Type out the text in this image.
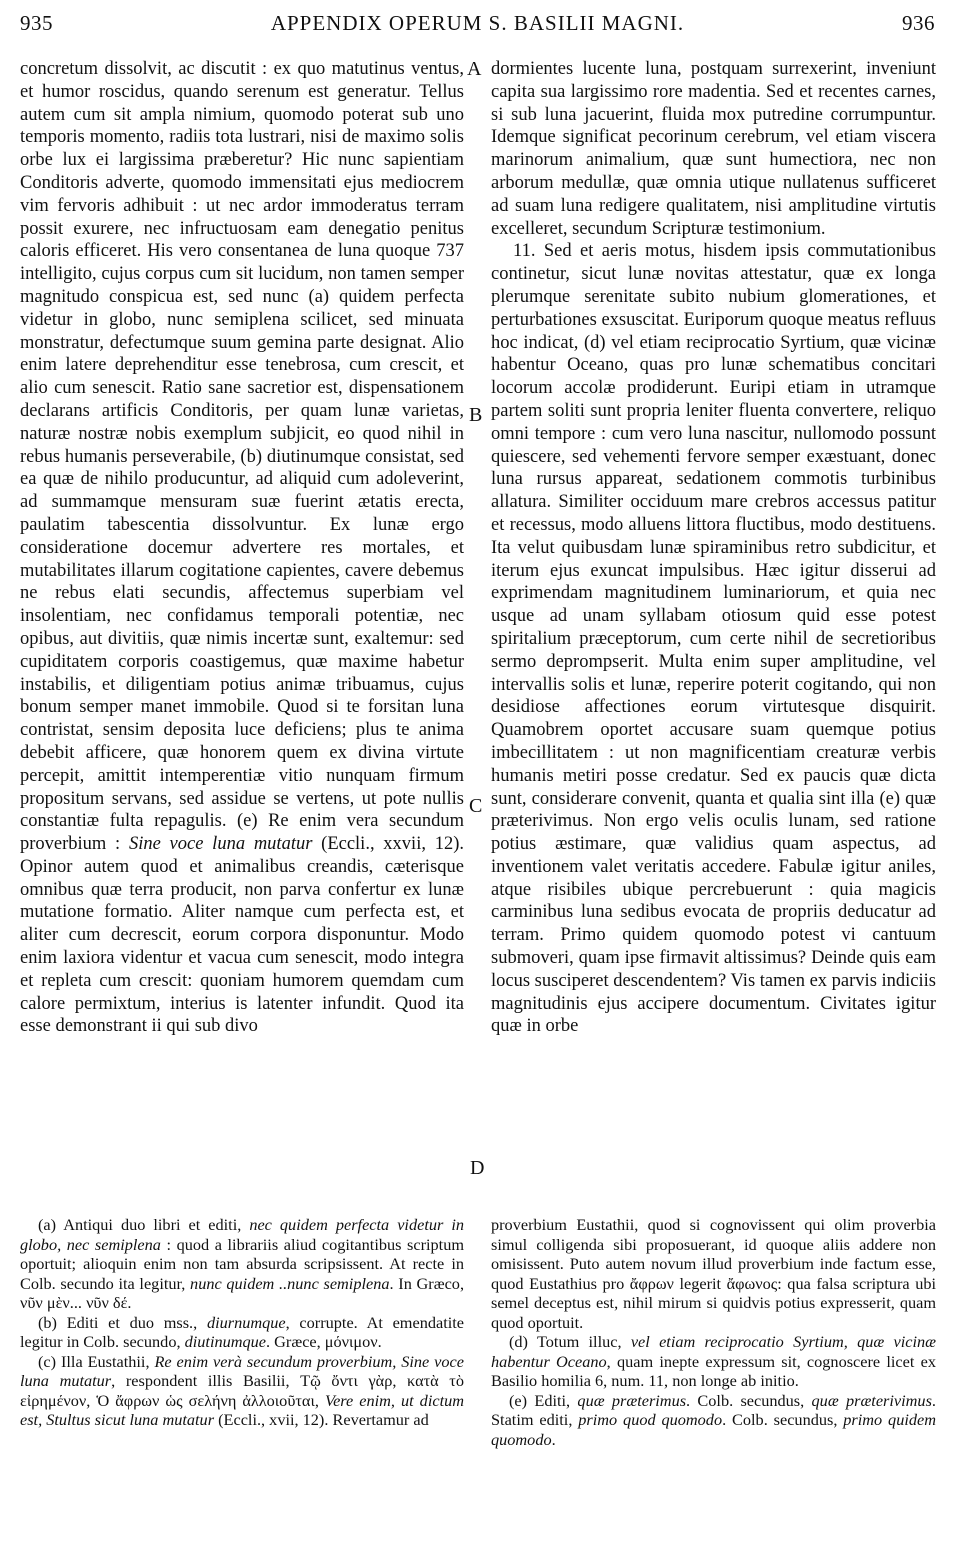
935	APPENDIX OPERUM S. BASILII MAGNI.	936
A
B
C
D

concretum dissolvit, ac discutit : ex quo matutinus ventus, et humor roscidus, quando serenum est generatur. Tellus autem cum sit ampla nimium, quomodo poterat sub uno temporis momento, radiis tota lustrari, nisi de maximo solis orbe lux ei largissima præberetur? Hic nunc sapientiam Conditoris adverte, quomodo immensitati ejus mediocrem vim fervoris adhibuit : ut nec ardor immoderatus terram possit exurere, nec infructuosam eam denegatio penitus caloris efficeret. His vero consentanea de luna quoque 737 intelligito, cujus corpus cum sit lucidum, non tamen semper magnitudo conspicua est, sed nunc (a) quidem perfecta videtur in globo, nunc semiplena scilicet, sed minuata monstratur, defectumque suum gemina parte designat. Alio enim latere deprehenditur esse tenebrosa, cum crescit, et alio cum senescit. Ratio sane sacretior est, dispensationem declarans artificis Conditoris, per quam lunæ varietas, naturæ nostræ nobis exemplum subjicit, eo quod nihil in rebus humanis perseverabile, (b) diutinumque consistat, sed ea quæ de nihilo producuntur, ad aliquid cum adoleverint, ad summamque mensuram suæ fuerint ætatis erecta, paulatim tabescentia dissolvuntur. Ex lunæ ergo consideratione docemur advertere res mortales, et mutabilitates illarum cogitatione capientes, cavere debemus ne rebus elati secundis, affectemus superbiam vel insolentiam, nec confidamus temporali potentiæ, nec opibus, aut divitiis, quæ nimis incertæ sunt, exaltemur: sed cupiditatem corporis coastigemus, quæ maxime habetur instabilis, et diligentiam potius animæ tribuamus, cujus bonum semper manet immobile. Quod si te forsitan luna contristat, sensim deposita luce deficiens; plus te anima debebit afficere, quæ honorem quem ex divina virtute percepit, amittit intemperentiæ vitio nunquam firmum propositum servans, sed assidue se vertens, ut pote nullis constantiæ fulta repagulis. (e) Re enim vera secundum proverbium : Sine voce luna mutatur (Eccli., xxvii, 12). Opinor autem quod et animalibus creandis, cæterisque omnibus quæ terra producit, non parva confertur ex lunæ mutatione formatio. Aliter namque cum perfecta est, et aliter cum decrescit, eorum corpora disponuntur. Modo enim laxiora videntur et vacua cum senescit, modo integra et repleta cum crescit: quoniam humorem quemdam cum calore permixtum, interius is latenter infundit. Quod ita esse demonstrant ii qui sub divo

dormientes lucente luna, postquam surrexerint, inveniunt capita sua largissimo rore madentia. Sed et recentes carnes, si sub luna jacuerint, fluida mox putredine corrumpuntur. Idemque significat pecorinum cerebrum, vel etiam viscera marinorum animalium, quæ sunt humectiora, nec non arborum medullæ, quæ omnia utique nullatenus sufficeret ad suam luna redigere qualitatem, nisi amplitudine virtutis excelleret, secundum Scripturæ testimonium.

11. Sed et aeris motus, hisdem ipsis commutationibus continetur, sicut lunæ novitas attestatur, quæ ex longa plerumque serenitate subito nubium glomerationes, et perturbationes exsuscitat. Euriporum quoque meatus refluus hoc indicat, (d) vel etiam reciprocatio Syrtium, quæ vicinæ habentur Oceano, quas pro lunæ schematibus concitari locorum accolæ prodiderunt. Euripi etiam in utramque partem soliti sunt propria leniter fluenta convertere, reliquo omni tempore : cum vero luna nascitur, nullomodo possunt quiescere, sed vehementi fervore semper exæstuant, donec luna rursus appareat, sedationem commotis turbinibus allatura. Similiter occiduum mare crebros accessus patitur et recessus, modo alluens littora fluctibus, modo destituens. Ita velut quibusdam lunæ spiraminibus retro subdicitur, et iterum ejus exuncat impulsibus. Hæc igitur disserui ad exprimendam magnitudinem luminariorum, et quia nec usque ad unam syllabam otiosum quid esse potest spiritalium præceptorum, cum certe nihil de secretioribus sermo deprompserit. Multa enim super amplitudine, vel intervallis solis et lunæ, reperire poterit cogitando, qui non desidiose affectiones eorum virtutesque disquirit. Quamobrem oportet accusare suam quemque potius imbecillitatem : ut non magnificentiam creaturæ verbis humanis metiri posse credatur. Sed ex paucis quæ dicta sunt, considerare convenit, quanta et qualia sint illa (e) quæ præterivimus. Non ergo velis oculis lunam, sed ratione potius æstimare, quæ validius quam aspectus, ad inventionem valet veritatis accedere. Fabulæ igitur aniles, atque risibiles ubique percrebuerunt : quia magicis carminibus luna sedibus evocata de propriis deducatur ad terram. Primo quidem quomodo potest vi cantuum submoveri, quam ipse firmavit altissimus? Deinde quis eam locus susciperet descendentem? Vis tamen ex parvis indiciis magnitudinis ejus accipere documentum. Civitates igitur quæ in orbe

(a) Antiqui duo libri et editi, nec quidem perfecta videtur in globo, nec semiplena : quod a librariis aliud cogitantibus scriptum oportuit; alioquin enim non tam absurda scripsissent. At recte in Colb. secundo ita legitur, nunc quidem ..nunc semiplena. In Græco, νῦν μὲν... νῦν δέ.

(b) Editi et duo mss., diurnumque, corrupte. At emendatite legitur in Colb. secundo, diutinumque. Græce, μόνιμον.

(c) Illa Eustathii, Re enim verà secundum proverbium, Sine voce luna mutatur, respondent illis Basilii, Τῷ ὄντι γὰρ, κατὰ τὸ εἰρημένον, Ὁ ἄφρων ὡς σελήνη ἀλλοιοῦται, Vere enim, ut dictum est, Stultus sicut luna mutatur (Eccli., xvii, 12). Revertamur ad

proverbium Eustathii, quod si cognovissent qui olim proverbia simul colligenda sibi proposuerant, id quoque aliis addere non omisissent. Puto autem novum illud proverbium inde factum esse, quod Eustathius pro ἄφρων legerit ἄφωνος: qua falsa scriptura ubi semel deceptus est, nihil mirum si quidvis potius expresserit, quam quod oportuit.

(d) Totum illuc, vel etiam reciprocatio Syrtium, quæ vicinæ habentur Oceano, quam inepte expressum sit, cognoscere licet ex Basilio homilia 6, num. 11, non longe ab initio.

(e) Editi, quæ præterimus. Colb. secundus, quæ præterivimus. Statim editi, primo quod quomodo. Colb. secundus, primo quidem quomodo.
